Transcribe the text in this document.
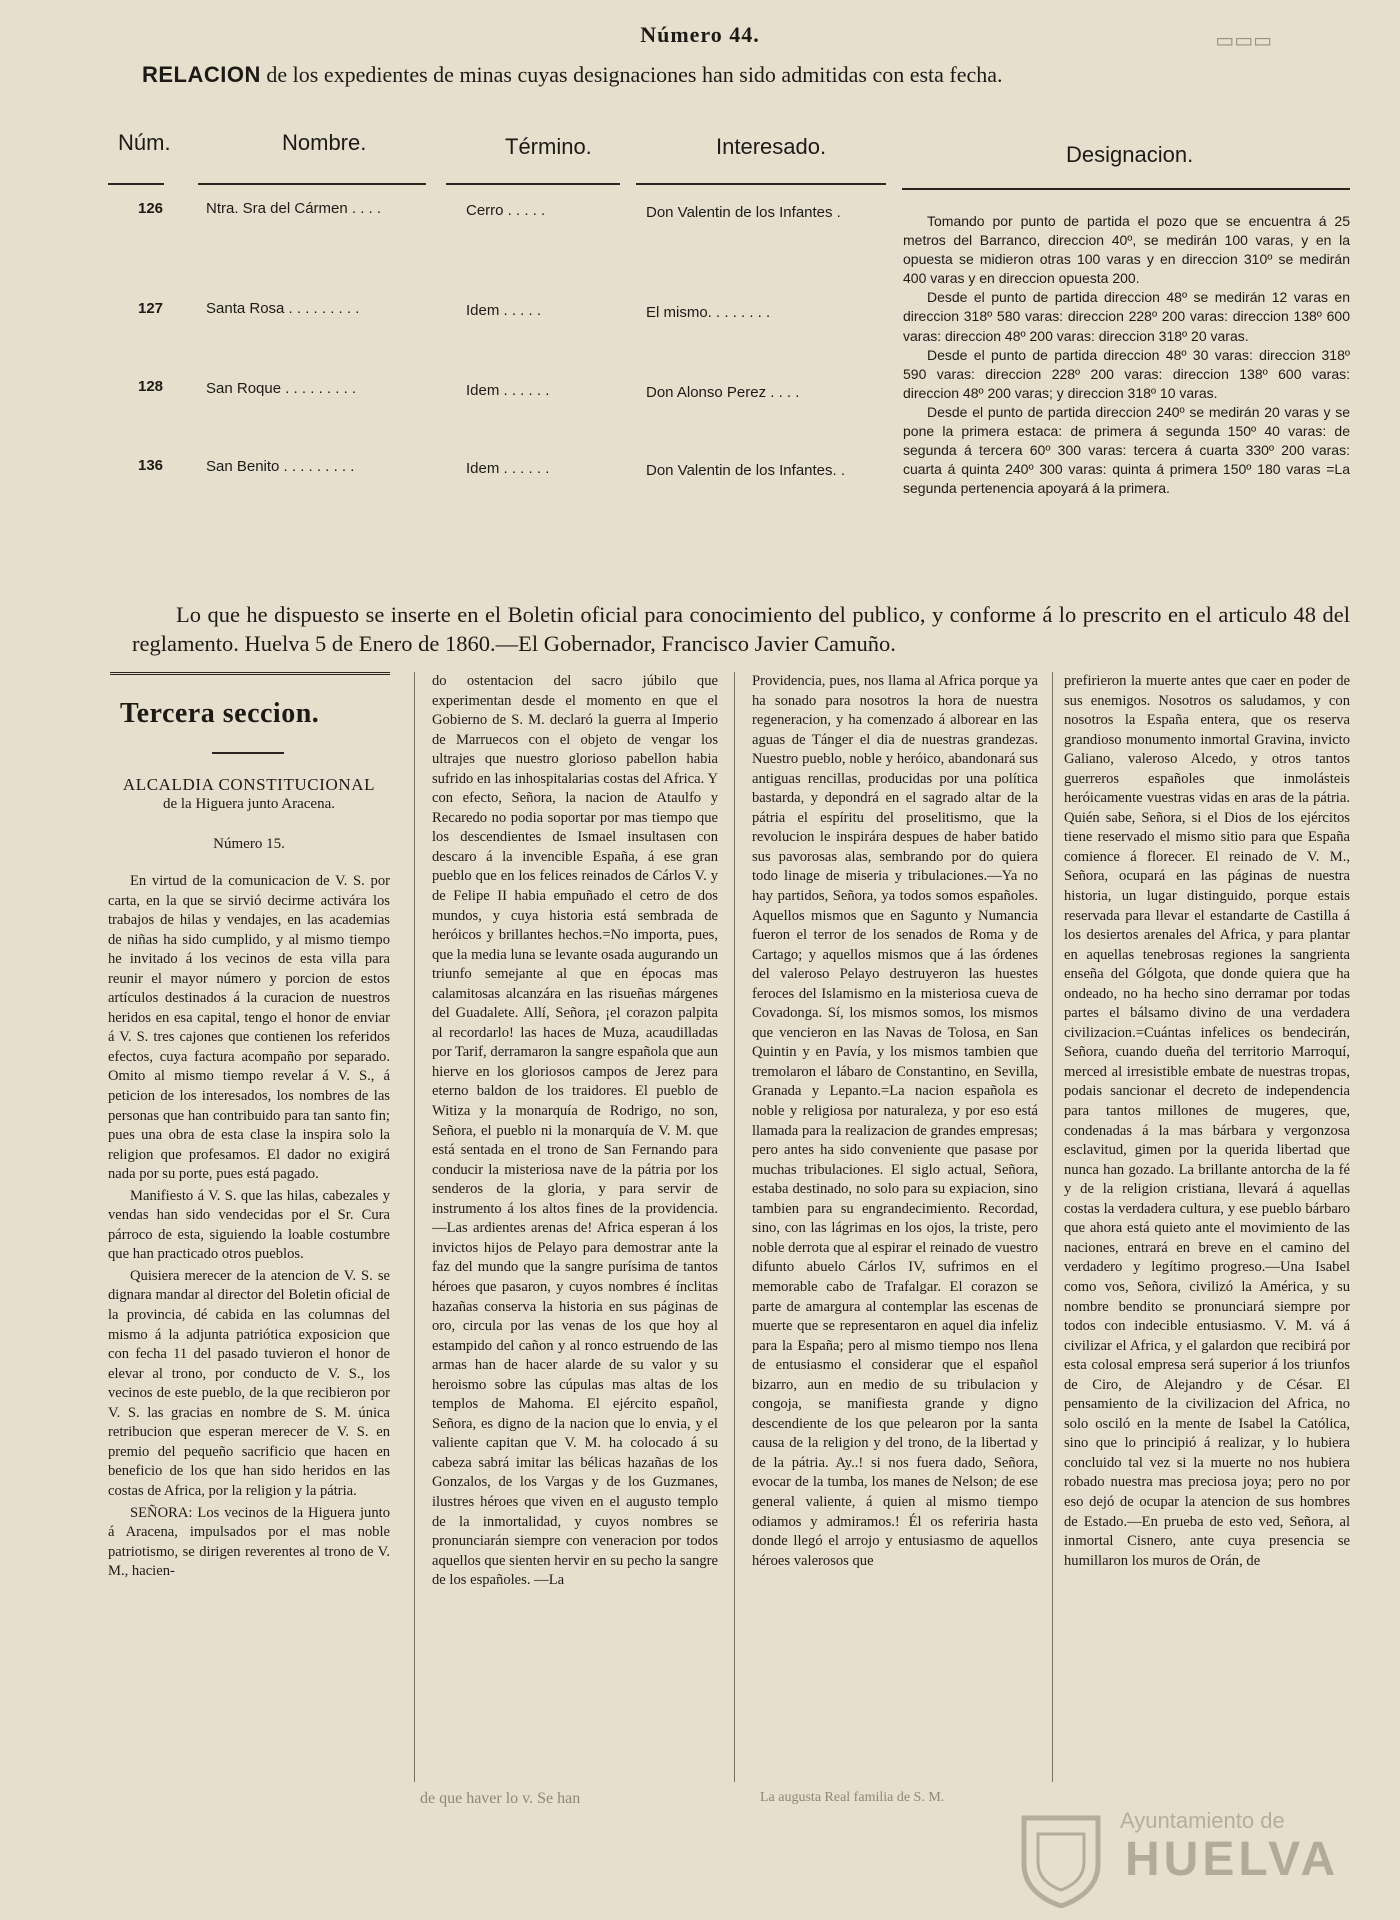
Número 44.	▭▭▭
RELACION de los expedientes de minas cuyas designaciones han sido admitidas con esta fecha.
Núm.	Nombre.	Término.	Interesado.	Designacion.
126	Ntra. Sra del Cármen . . . .	Cerro . . . . .	Don Valentin de los Infantes .
127	Santa Rosa . . . . . . . . .	Idem . . . . .	El mismo. . . . . . . .
128	San Roque . . . . . . . . .	Idem . . . . . .	Don Alonso Perez . . . .
136	San Benito . . . . . . . . .	Idem . . . . . .	Don Valentin de los Infantes. .

Tomando por punto de partida el pozo que se encuentra á 25 metros del Barranco, direccion 40º, se medirán 100 varas, y en la opuesta se midieron otras 100 varas y en direccion 310º se medirán 400 varas y en direccion opuesta 200.

Desde el punto de partida direccion 48º se medirán 12 varas en direccion 318º 580 varas: direccion 228º 200 varas: direccion 138º 600 varas: direccion 48º 200 varas: direccion 318º 20 varas.

Desde el punto de partida direccion 48º 30 varas: direccion 318º 590 varas: direccion 228º 200 varas: direccion 138º 600 varas: direccion 48º 200 varas; y direccion 318º 10 varas.

Desde el punto de partida direccion 240º se medirán 20 varas y se pone la primera estaca: de primera á segunda 150º 40 varas: de segunda á tercera 60º 300 varas: tercera á cuarta 330º 200 varas: cuarta á quinta 240º 300 varas: quinta á primera 150º 180 varas =La segunda pertenencia apoyará á la primera.

Lo que he dispuesto se inserte en el Boletin oficial para conocimiento del publico, y conforme á lo prescrito en el articulo 48 del reglamento. Huelva 5 de Enero de 1860.—El Gobernador, Francisco Javier Camuño.
Tercera seccion.
ALCALDIA CONSTITUCIONAL
de la Higuera junto Aracena.
Número 15.

En virtud de la comunicacion de V. S. por carta, en la que se sirvió decirme activára los trabajos de hilas y vendajes, en las academias de niñas ha sido cumplido, y al mismo tiempo he invitado á los vecinos de esta villa para reunir el mayor número y porcion de estos artículos destinados á la curacion de nuestros heridos en esa capital, tengo el honor de enviar á V. S. tres cajones que contienen los referidos efectos, cuya factura acompaño por separado. Omito al mismo tiempo revelar á V. S., á peticion de los interesados, los nombres de las personas que han contribuido para tan santo fin; pues una obra de esta clase la inspira solo la religion que profesamos. El dador no exigirá nada por su porte, pues está pagado.

Manifiesto á V. S. que las hilas, cabezales y vendas han sido vendecidas por el Sr. Cura párroco de esta, siguiendo la loable costumbre que han practicado otros pueblos.

Quisiera merecer de la atencion de V. S. se dignara mandar al director del Boletin oficial de la provincia, dé cabida en las columnas del mismo á la adjunta patriótica exposicion que con fecha 11 del pasado tuvieron el honor de elevar al trono, por conducto de V. S., los vecinos de este pueblo, de la que recibieron por V. S. las gracias en nombre de S. M. única retribucion que esperan merecer de V. S. en premio del pequeño sacrificio que hacen en beneficio de los que han sido heridos en las costas de Africa, por la religion y la pátria.

SEÑORA: Los vecinos de la Higuera junto á Aracena, impulsados por el mas noble patriotismo, se dirigen reverentes al trono de V. M., hacien-

do ostentacion del sacro júbilo que experimentan desde el momento en que el Gobierno de S. M. declaró la guerra al Imperio de Marruecos con el objeto de vengar los ultrajes que nuestro glorioso pabellon habia sufrido en las inhospitalarias costas del Africa. Y con efecto, Señora, la nacion de Ataulfo y Recaredo no podia soportar por mas tiempo que los descendientes de Ismael insultasen con descaro á la invencible España, á ese gran pueblo que en los felices reinados de Cárlos V. y de Felipe II habia empuñado el cetro de dos mundos, y cuya historia está sembrada de heróicos y brillantes hechos.=No importa, pues, que la media luna se levante osada augurando un triunfo semejante al que en épocas mas calamitosas alcanzára en las risueñas márgenes del Guadalete. Allí, Señora, ¡el corazon palpita al recordarlo! las haces de Muza, acaudilladas por Tarif, derramaron la sangre española que aun hierve en los gloriosos campos de Jerez para eterno baldon de los traidores. El pueblo de Witiza y la monarquía de Rodrigo, no son, Señora, el pueblo ni la monarquía de V. M. que está sentada en el trono de San Fernando para conducir la misteriosa nave de la pátria por los senderos de la gloria, y para servir de instrumento á los altos fines de la providencia.—Las ardientes arenas de! Africa esperan á los invictos hijos de Pelayo para demostrar ante la faz del mundo que la sangre purísima de tantos héroes que pasaron, y cuyos nombres é ínclitas hazañas conserva la historia en sus páginas de oro, circula por las venas de los que hoy al estampido del cañon y al ronco estruendo de las armas han de hacer alarde de su valor y su heroismo sobre las cúpulas mas altas de los templos de Mahoma. El ejército español, Señora, es digno de la nacion que lo envia, y el valiente capitan que V. M. ha colocado á su cabeza sabrá imitar las bélicas hazañas de los Gonzalos, de los Vargas y de los Guzmanes, ilustres héroes que viven en el augusto templo de la inmortalidad, y cuyos nombres se pronunciarán siempre con veneracion por todos aquellos que sienten hervir en su pecho la sangre de los españoles. —La

Providencia, pues, nos llama al Africa porque ya ha sonado para nosotros la hora de nuestra regeneracion, y ha comenzado á alborear en las aguas de Tánger el dia de nuestras grandezas. Nuestro pueblo, noble y heróico, abandonará sus antiguas rencillas, producidas por una política bastarda, y depondrá en el sagrado altar de la pátria el espíritu del proselitismo, que la revolucion le inspirára despues de haber batido sus pavorosas alas, sembrando por do quiera todo linage de miseria y tribulaciones.—Ya no hay partidos, Señora, ya todos somos españoles. Aquellos mismos que en Sagunto y Numancia fueron el terror de los senados de Roma y de Cartago; y aquellos mismos que á las órdenes del valeroso Pelayo destruyeron las huestes feroces del Islamismo en la misteriosa cueva de Covadonga. Sí, los mismos somos, los mismos que vencieron en las Navas de Tolosa, en San Quintin y en Pavía, y los mismos tambien que tremolaron el lábaro de Constantino, en Sevilla, Granada y Lepanto.=La nacion española es noble y religiosa por naturaleza, y por eso está llamada para la realizacion de grandes empresas; pero antes ha sido conveniente que pasase por muchas tribulaciones. El siglo actual, Señora, estaba destinado, no solo para su expiacion, sino tambien para su engrandecimiento. Recordad, sino, con las lágrimas en los ojos, la triste, pero noble derrota que al espirar el reinado de vuestro difunto abuelo Cárlos IV, sufrimos en el memorable cabo de Trafalgar. El corazon se parte de amargura al contemplar las escenas de muerte que se representaron en aquel dia infeliz para la España; pero al mismo tiempo nos llena de entusiasmo el considerar que el español bizarro, aun en medio de su tribulacion y congoja, se manifiesta grande y digno descendiente de los que pelearon por la santa causa de la religion y del trono, de la libertad y de la pátria. Ay..! si nos fuera dado, Señora, evocar de la tumba, los manes de Nelson; de ese general valiente, á quien al mismo tiempo odiamos y admiramos.! Él os referiria hasta donde llegó el arrojo y entusiasmo de aquellos héroes valerosos que

prefirieron la muerte antes que caer en poder de sus enemigos. Nosotros os saludamos, y con nosotros la España entera, que os reserva grandioso monumento inmortal Gravina, invicto Galiano, valeroso Alcedo, y otros tantos guerreros españoles que inmolásteis heróicamente vuestras vidas en aras de la pátria. Quién sabe, Señora, si el Dios de los ejércitos tiene reservado el mismo sitio para que España comience á florecer. El reinado de V. M., Señora, ocupará en las páginas de nuestra historia, un lugar distinguido, porque estais reservada para llevar el estandarte de Castilla á los desiertos arenales del Africa, y para plantar en aquellas tenebrosas regiones la sangrienta enseña del Gólgota, que donde quiera que ha ondeado, no ha hecho sino derramar por todas partes el bálsamo divino de una verdadera civilizacion.=Cuántas infelices os bendecirán, Señora, cuando dueña del territorio Marroquí, merced al irresistible embate de nuestras tropas, podais sancionar el decreto de independencia para tantos millones de mugeres, que, condenadas á la mas bárbara y vergonzosa esclavitud, gimen por la querida libertad que nunca han gozado. La brillante antorcha de la fé y de la religion cristiana, llevará á aquellas costas la verdadera cultura, y ese pueblo bárbaro que ahora está quieto ante el movimiento de las naciones, entrará en breve en el camino del verdadero y legítimo progreso.—Una Isabel como vos, Señora, civilizó la América, y su nombre bendito se pronunciará siempre por todos con indecible entusiasmo. V. M. vá á civilizar el Africa, y el galardon que recibirá por esta colosal empresa será superior á los triunfos de Ciro, de Alejandro y de César. El pensamiento de la civilizacion del Africa, no solo osciló en la mente de Isabel la Católica, sino que lo principió á realizar, y lo hubiera concluido tal vez si la muerte no nos hubiera robado nuestra mas preciosa joya; pero no por eso dejó de ocupar la atencion de sus hombres de Estado.—En prueba de esto ved, Señora, al inmortal Cisnero, ante cuya presencia se humillaron los muros de Orán, de

de que haver lo v. Se han	La augusta Real familia de S. M.
Ayuntamiento de
HUELVA
